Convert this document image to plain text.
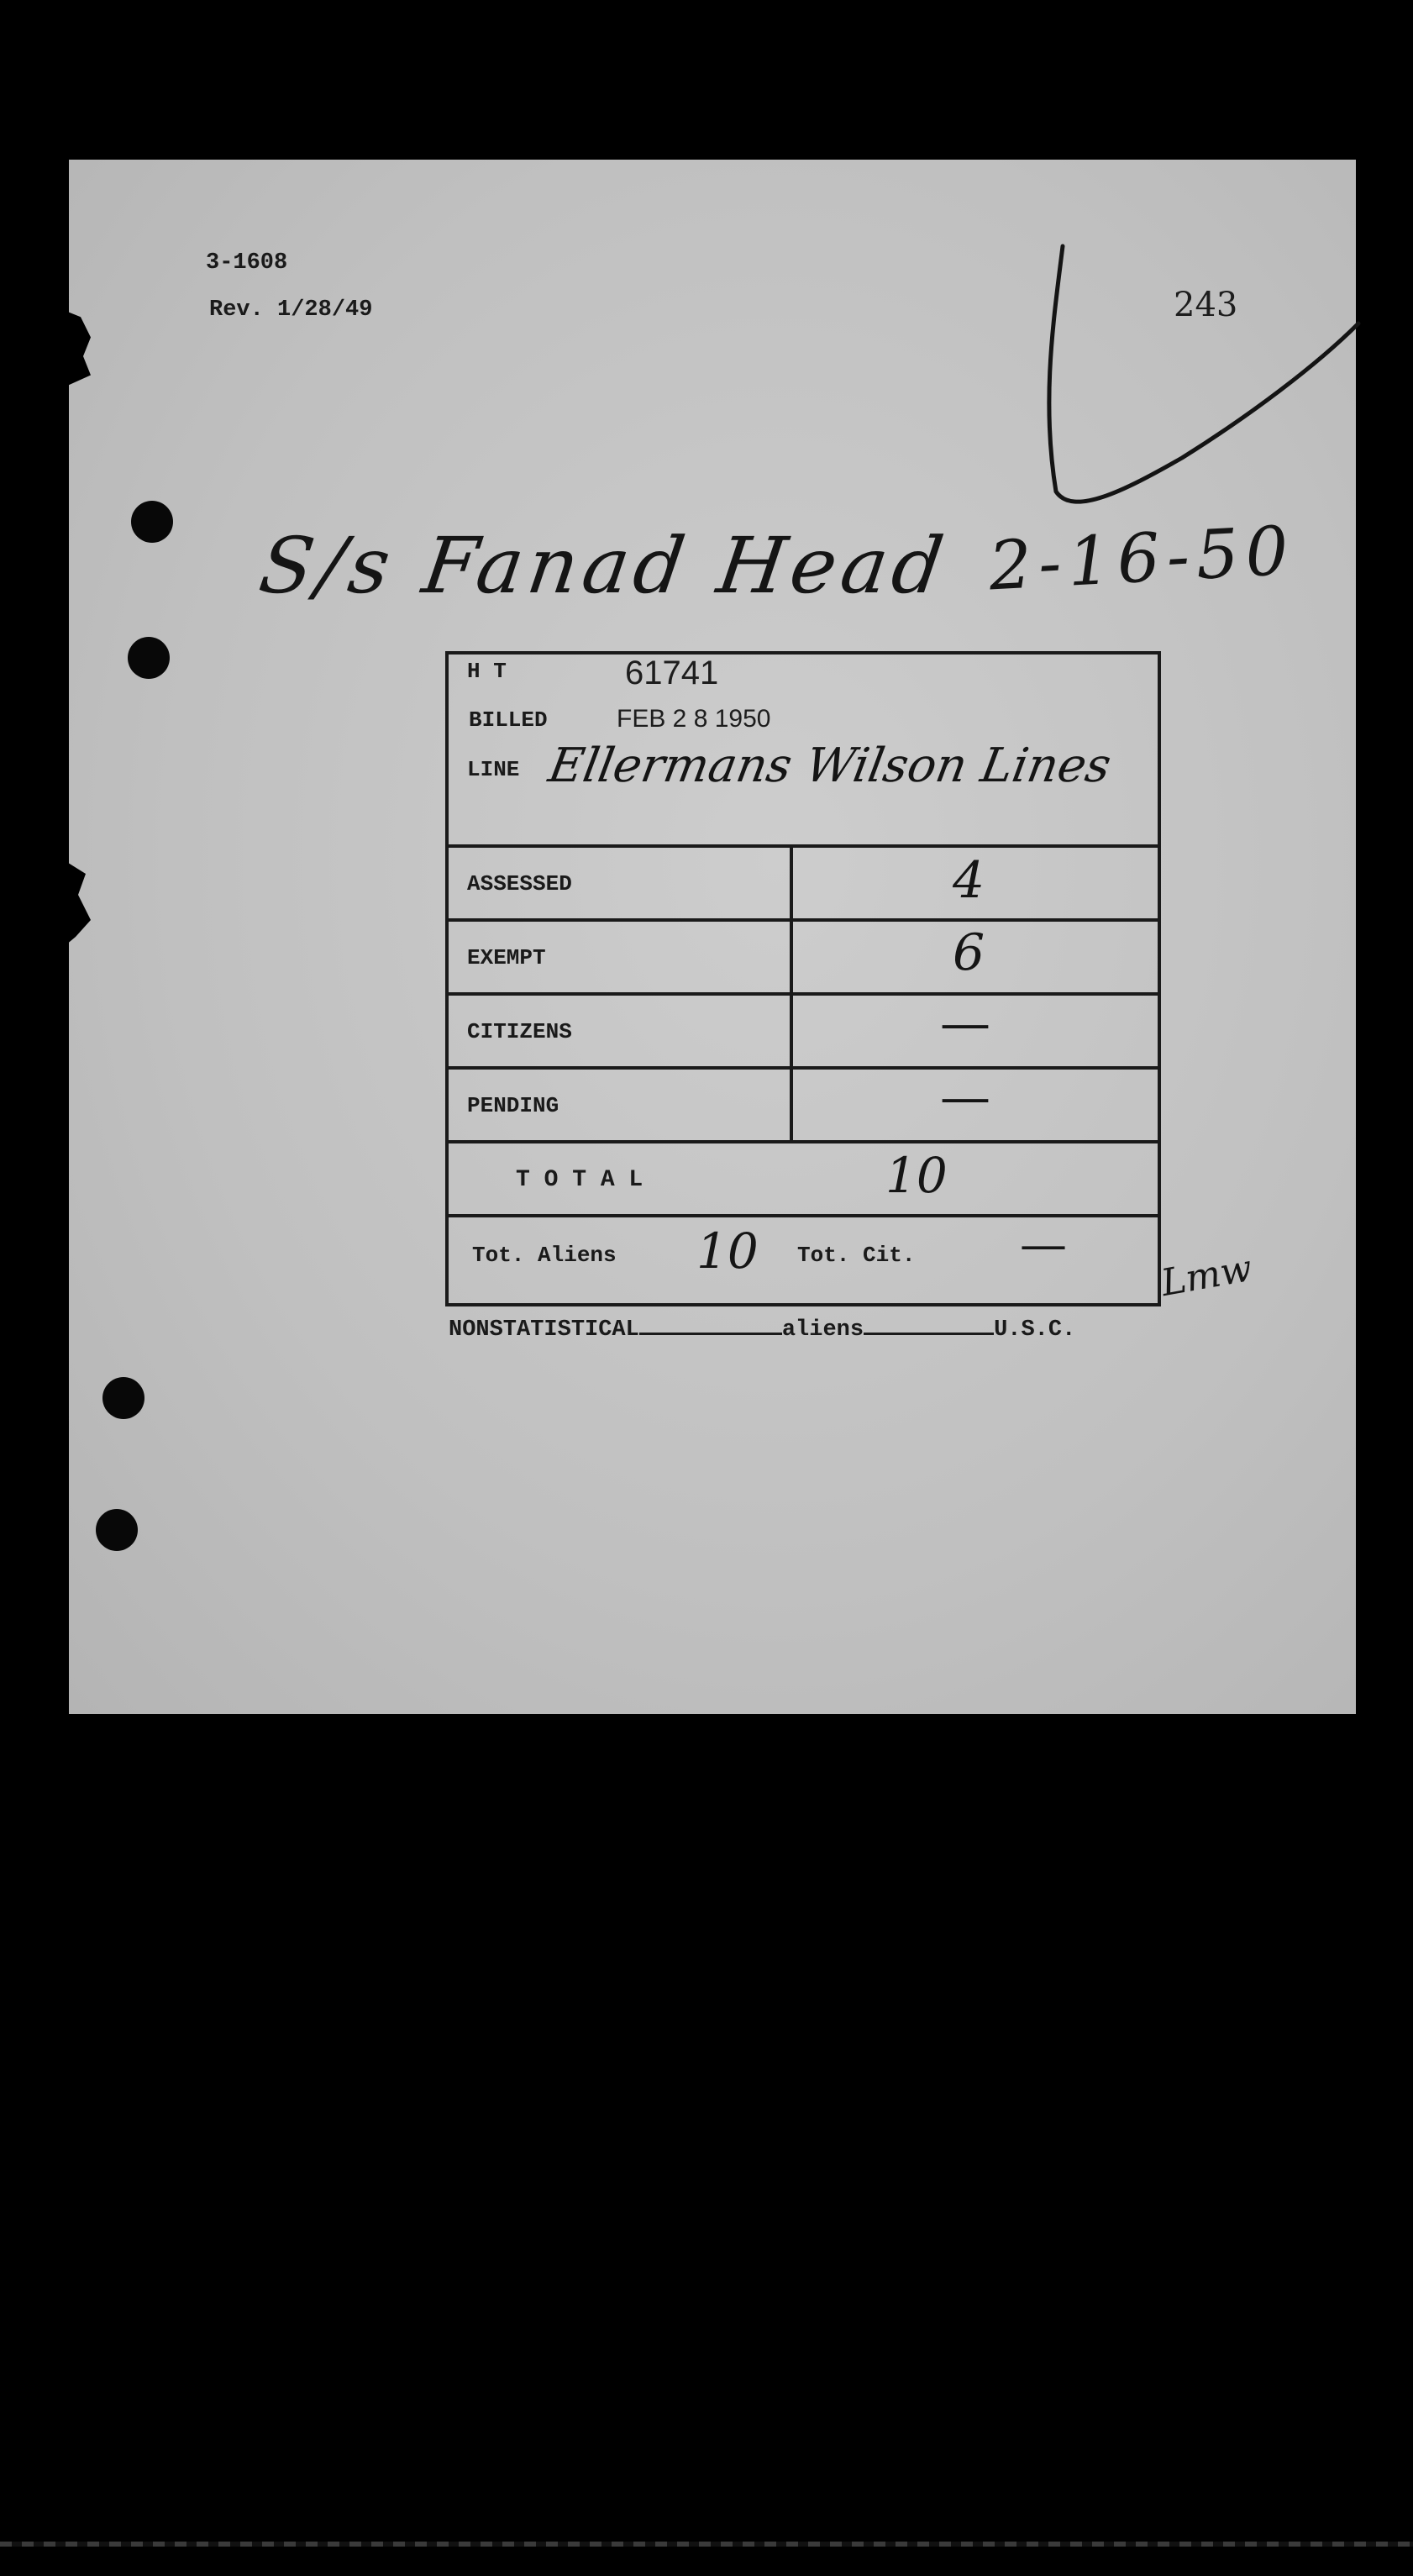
3-1608
Rev. 1/28/49	243
S/s Fanad Head 2-16-50
H T	61741
BILLED	FEB 2 8 1950
LINE Ellermans Wilson Lines
ASSESSED	4
EXEMPT	6
CITIZENS	—
PENDING	—
T O T A L	10
Tot. Aliens 10 Tot. Cit. —
Lmw
NONSTATISTICAL	aliens	U.S.C.
